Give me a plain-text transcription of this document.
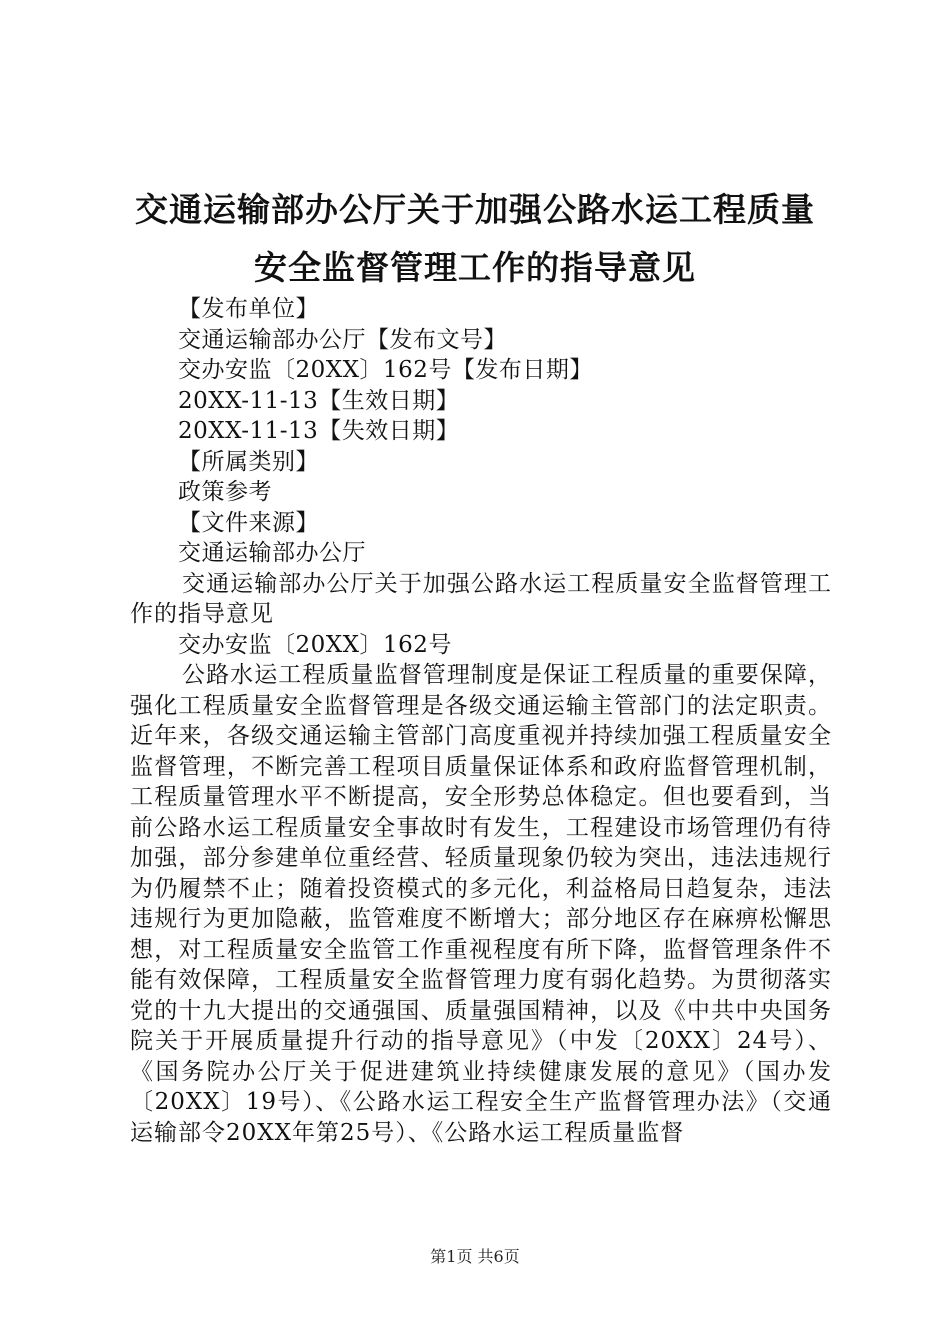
交通运输部办公厅关于加强公路水运工程质量
安全监督管理工作的指导意见
【发布单位】
交通运输部办公厅【发布文号】
交办安监〔20XX〕162号【发布日期】
20XX-11-13【生效日期】
20XX-11-13【失效日期】
【所属类别】
政策参考
【文件来源】
交通运输部办公厅

交通运输部办公厅关于加强公路水运工程质量安全监督管理工作的指导意见

交办安监〔20XX〕162号

公路水运工程质量监督管理制度是保证工程质量的重要保障，强化工程质量安全监督管理是各级交通运输主管部门的法定职责。近年来，各级交通运输主管部门高度重视并持续加强工程质量安全监督管理，不断完善工程项目质量保证体系和政府监督管理机制，工程质量管理水平不断提高，安全形势总体稳定。但也要看到，当前公路水运工程质量安全事故时有发生，工程建设市场管理仍有待加强，部分参建单位重经营、轻质量现象仍较为突出，违法违规行为仍履禁不止；随着投资模式的多元化，利益格局日趋复杂，违法违规行为更加隐蔽，监管难度不断增大；部分地区存在麻痹松懈思想，对工程质量安全监管工作重视程度有所下降，监督管理条件不能有效保障，工程质量安全监督管理力度有弱化趋势。为贯彻落实党的十九大提出的交通强国、质量强国精神，以及《中共中央国务院关于开展质量提升行动的指导意见》（中发〔20XX〕24号）、《国务院办公厅关于促进建筑业持续健康发展的意见》（国办发〔20XX〕19号）、《公路水运工程安全生产监督管理办法》（交通运输部令20XX年第25号）、《公路水运工程质量监督

第1页 共6页
